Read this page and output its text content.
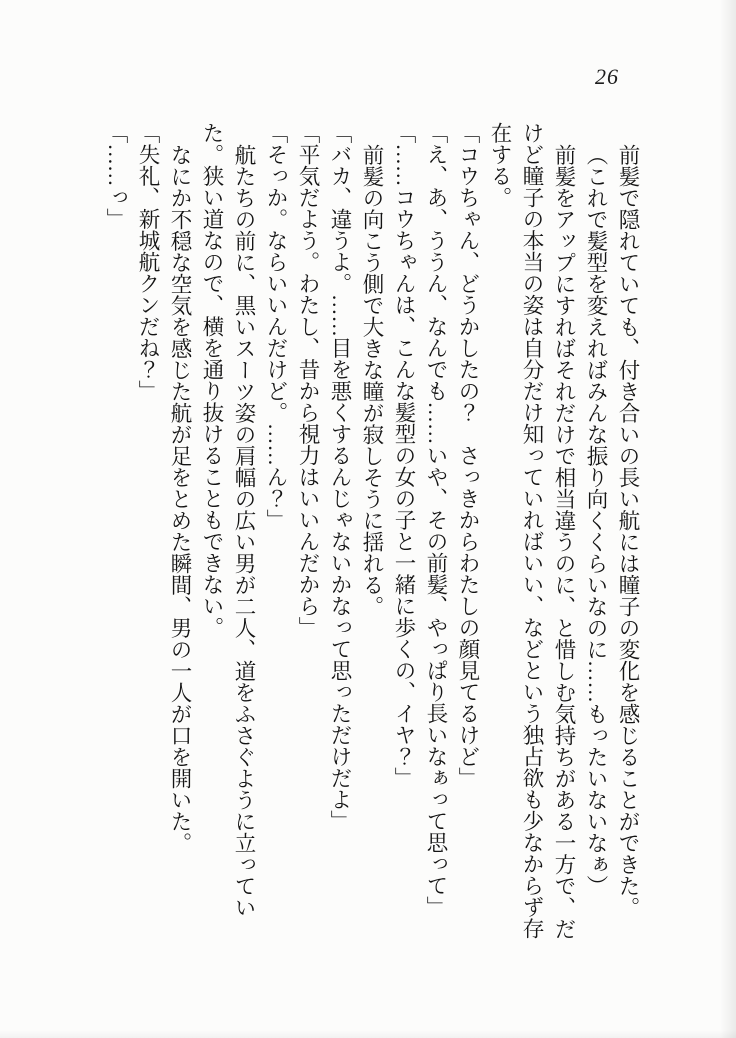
26

前髪で隠れていても、付き合いの長い航には瞳子の変化を感じることができた。

（これで髪型を変えればみんな振り向くくらいなのに……もったいないなぁ）

前髪をアップにすればそれだけで相当違うのに、と惜しむ気持ちがある一方で、だけど瞳子の本当の姿は自分だけ知っていればいい、などという独占欲も少なからず存在する。

「コウちゃん、どうかしたの？　さっきからわたしの顔見てるけど」

「え、あ、ううん、なんでも……いや、その前髪、やっぱり長いなぁって思って」

「……コウちゃんは、こんな髪型の女の子と一緒に歩くの、イヤ？」

前髪の向こう側で大きな瞳が寂しそうに揺れる。

「バカ、違うよ。……目を悪くするんじゃないかなって思っただけだよ」

「平気だよう。わたし、昔から視力はいいんだから」

「そっか。ならいいんだけど。……ん？」

航たちの前に、黒いスーツ姿の肩幅の広い男が二人、道をふさぐように立っていた。狭い道なので、横を通り抜けることもできない。

なにか不穏な空気を感じた航が足をとめた瞬間、男の一人が口を開いた。

「失礼、新城航クンだね？」

「……っ」
